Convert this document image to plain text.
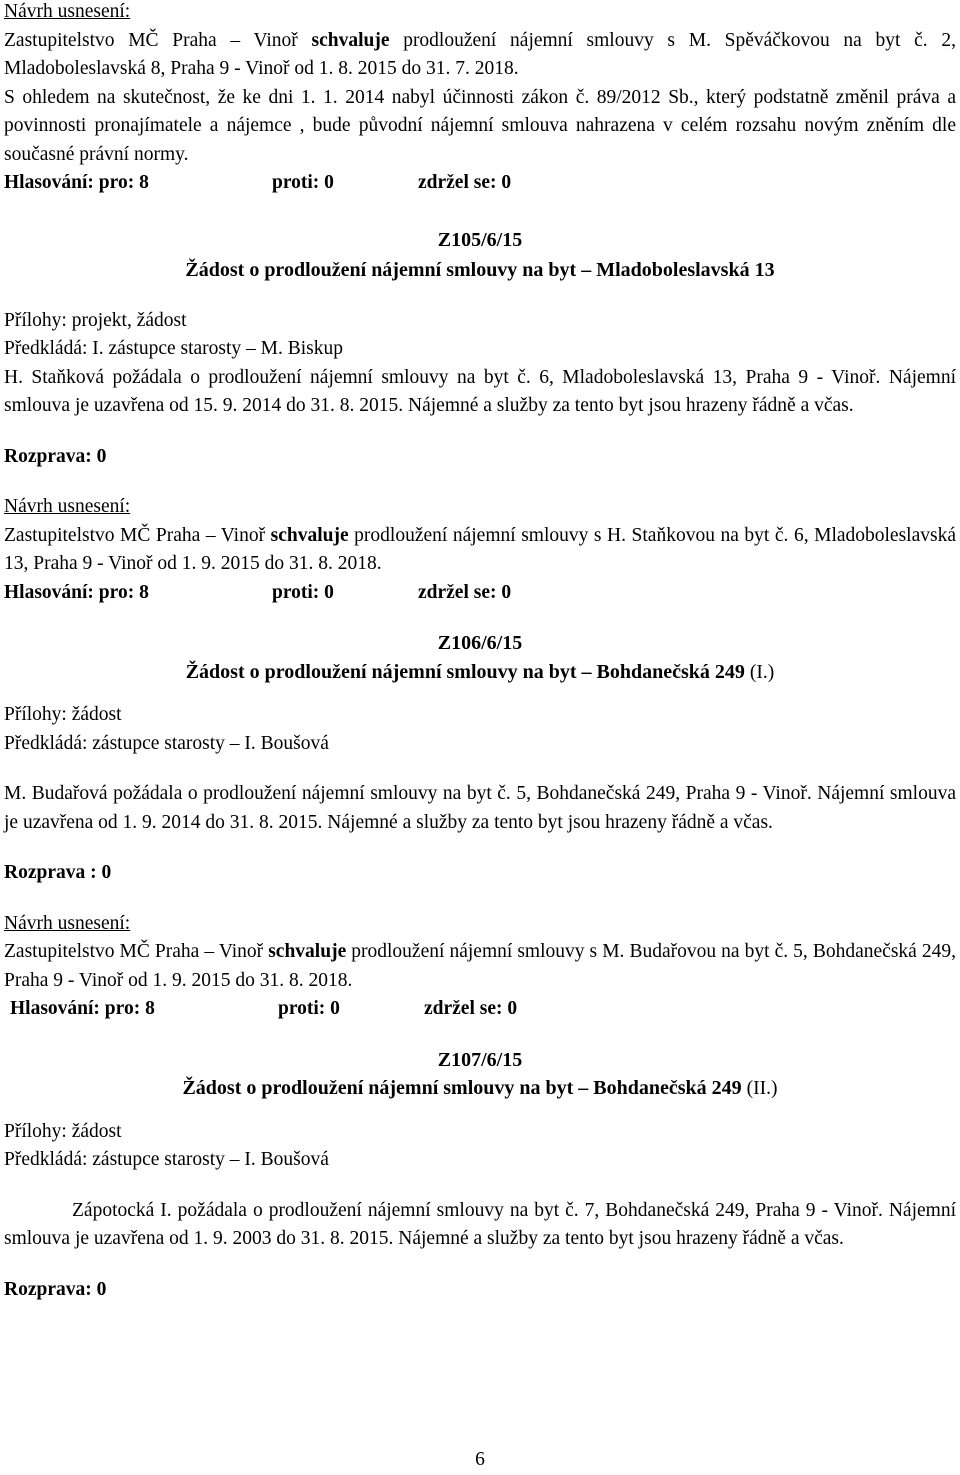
Návrh usnesení:

Zastupitelstvo MČ Praha – Vinoř schvaluje prodloužení nájemní smlouvy s M. Spěváčkovou na byt č. 2, Mladoboleslavská 8, Praha 9 - Vinoř od 1. 8. 2015 do 31. 7. 2018.

S ohledem na skutečnost, že ke dni 1. 1. 2014 nabyl účinnosti zákon č. 89/2012 Sb., který podstatně změnil práva a povinnosti pronajímatele a nájemce , bude původní nájemní smlouva nahrazena v celém rozsahu novým zněním dle současné právní normy.

Hlasování: pro: 8	proti: 0	zdržel se: 0

Z105/6/15

Žádost o prodloužení nájemní smlouvy na byt – Mladoboleslavská 13

Přílohy: projekt, žádost

Předkládá: I. zástupce starosty – M. Biskup

H. Staňková požádala o prodloužení nájemní smlouvy na byt č. 6, Mladoboleslavská 13, Praha 9 - Vinoř. Nájemní smlouva je uzavřena od 15. 9. 2014 do 31. 8. 2015. Nájemné a služby za tento byt jsou hrazeny řádně a včas.

Rozprava: 0

Návrh usnesení:

Zastupitelstvo MČ Praha – Vinoř schvaluje prodloužení nájemní smlouvy s H. Staňkovou na byt č. 6, Mladoboleslavská 13, Praha 9 - Vinoř od 1. 9. 2015 do 31. 8. 2018.

Hlasování: pro: 8	proti: 0	zdržel se: 0

Z106/6/15

Žádost o prodloužení nájemní smlouvy na byt – Bohdanečská 249 (I.)

Přílohy: žádost

Předkládá: zástupce starosty – I. Boušová

M. Budařová požádala o prodloužení nájemní smlouvy na byt č. 5, Bohdanečská 249, Praha 9 - Vinoř. Nájemní smlouva je uzavřena od 1. 9. 2014 do 31. 8. 2015. Nájemné a služby za tento byt jsou hrazeny řádně a včas.

Rozprava : 0

Návrh usnesení:

Zastupitelstvo MČ Praha – Vinoř schvaluje prodloužení nájemní smlouvy s M. Budařovou na byt č. 5, Bohdanečská 249, Praha 9 - Vinoř od 1. 9. 2015 do 31. 8. 2018.

Hlasování: pro: 8	proti: 0	zdržel se: 0

Z107/6/15

Žádost o prodloužení nájemní smlouvy na byt – Bohdanečská 249 (II.)

Přílohy: žádost

Předkládá: zástupce starosty – I. Boušová

Zápotocká I. požádala o prodloužení nájemní smlouvy na byt č. 7, Bohdanečská 249, Praha 9 - Vinoř. Nájemní smlouva je uzavřena od 1. 9. 2003 do 31. 8. 2015. Nájemné a služby za tento byt jsou hrazeny řádně a včas.

Rozprava: 0

6
